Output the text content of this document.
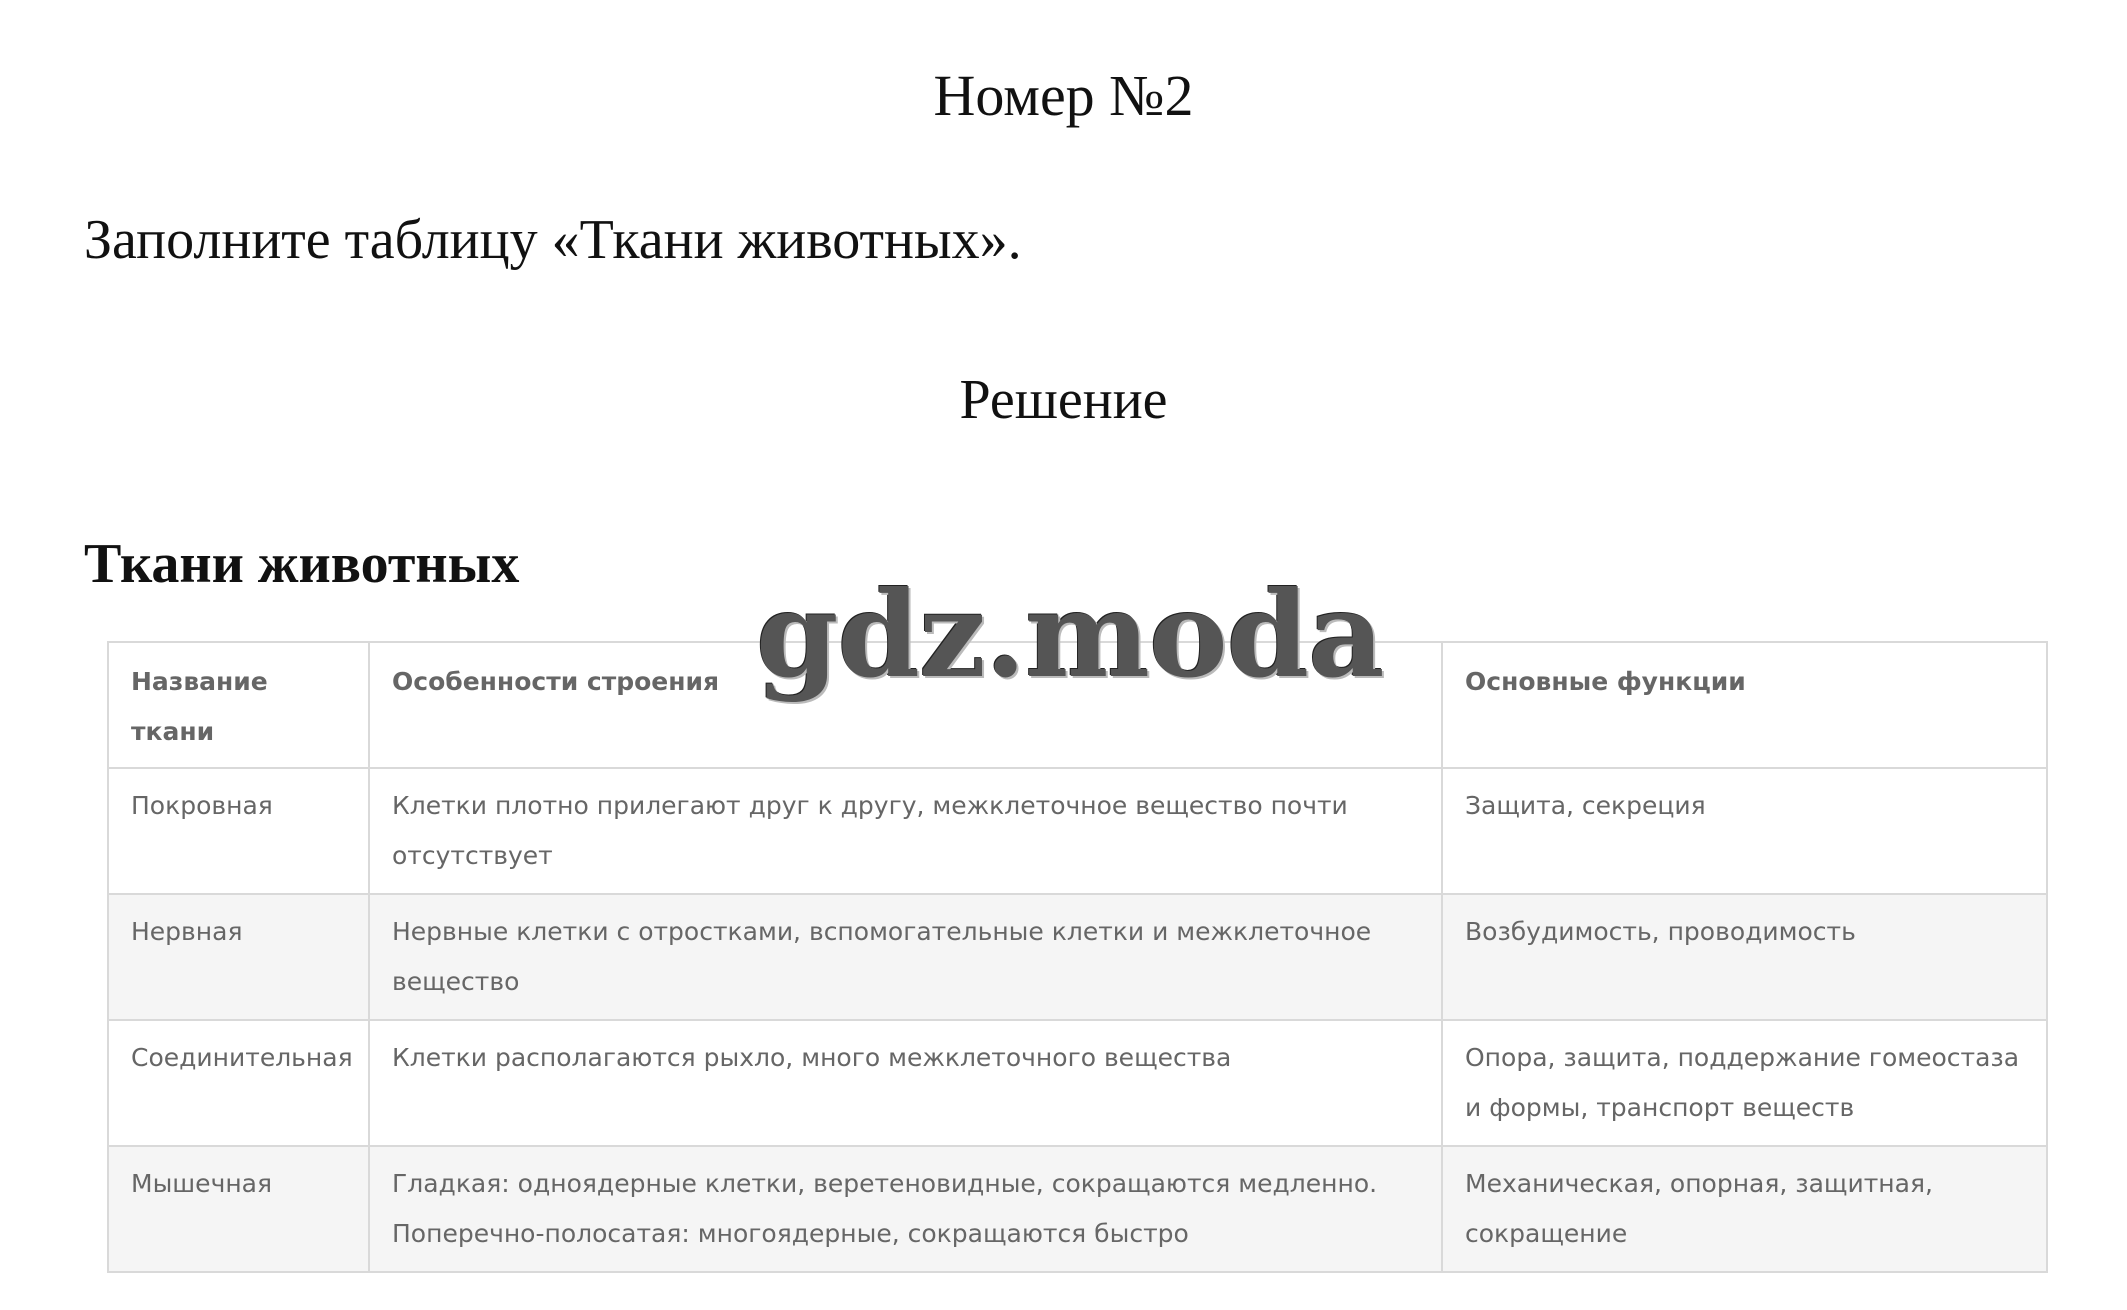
Номер №2
Заполните таблицу «Ткани животных».
Решение
Ткани животных
gdz.moda
Название ткани	Особенности строения	Основные функции
Покровная	Клетки плотно прилегают друг к другу, межклеточное вещество почти отсутствует	Защита, секреция
Нервная	Нервные клетки с отростками, вспомогательные клетки и межклеточное вещество	Возбудимость, проводимость
Соединительная	Клетки располагаются рыхло, много межклеточного вещества	Опора, защита, поддержание гомеостаза и формы, транспорт веществ
Мышечная	Гладкая: одноядерные клетки, веретеновидные, сокращаются медленно. Поперечно-полосатая: многоядерные, сокращаются быстро	Механическая, опорная, защитная, сокращение
